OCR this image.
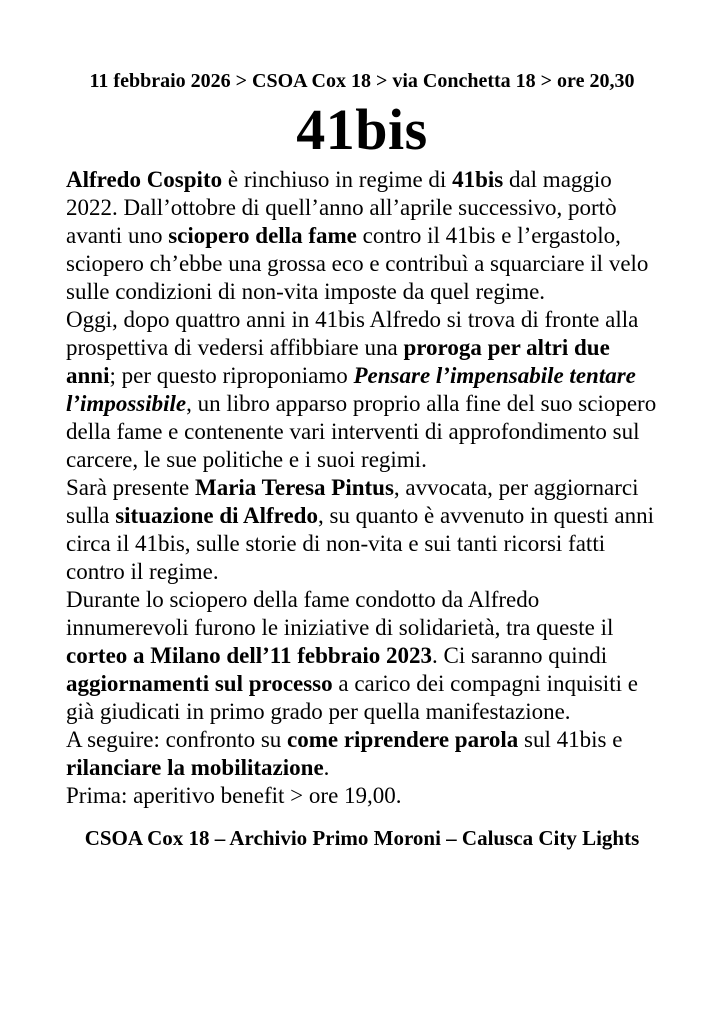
11 febbraio 2026 > CSOA Cox 18 > via Conchetta 18 > ore 20,30
41bis

Alfredo Cospito è rinchiuso in regime di 41bis dal maggio 2022. Dall’ottobre di quell’anno all’aprile successivo, portò avanti uno sciopero della fame contro il 41bis e l’ergastolo, sciopero ch’ebbe una grossa eco e contribuì a squarciare il velo sulle condizioni di non-vita imposte da quel regime.

Oggi, dopo quattro anni in 41bis Alfredo si trova di fronte alla prospettiva di vedersi affibbiare una proroga per altri due anni; per questo riproponiamo Pensare l’impensabile tentare l’impossibile, un libro apparso proprio alla fine del suo sciopero della fame e contenente vari interventi di approfondimento sul carcere, le sue politiche e i suoi regimi.

Sarà presente Maria Teresa Pintus, avvocata, per aggiornarci sulla situazione di Alfredo, su quanto è avvenuto in questi anni circa il 41bis, sulle storie di non-vita e sui tanti ricorsi fatti contro il regime.

Durante lo sciopero della fame condotto da Alfredo innumerevoli furono le iniziative di solidarietà, tra queste il corteo a Milano dell’11 febbraio 2023. Ci saranno quindi aggiornamenti sul processo a carico dei compagni inquisiti e già giudicati in primo grado per quella manifestazione.

A seguire: confronto su come riprendere parola sul 41bis e rilanciare la mobilitazione.

Prima: aperitivo benefit > ore 19,00.

CSOA Cox 18 – Archivio Primo Moroni – Calusca City Lights
